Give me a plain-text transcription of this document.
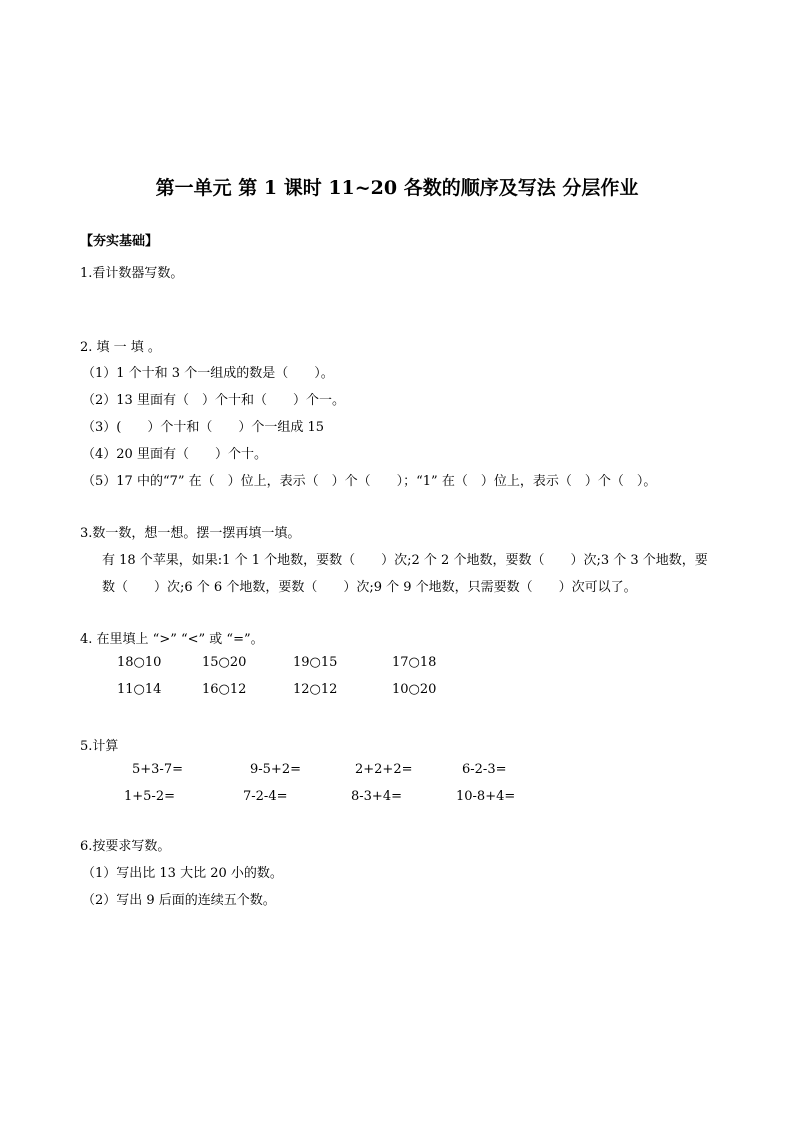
第一单元 第 1 课时 11~20 各数的顺序及写法 分层作业
【夯实基础】
1.看计数器写数。
2. 填 一 填 。
（1）1 个十和 3 个一组成的数是（　　）。
（2）13 里面有（　）个十和（　　）个一。
（3）(　　）个十和（　　）个一组成 15
（4）20 里面有（　　）个十。
（5）17 中的“7” 在（　）位上，表示（　）个（　　）；“1” 在（　）位上，表示（　）个（　）。
3.数一数，想一想。摆一摆再填一填。
有 18 个苹果，如果:1 个 1 个地数，要数（　　）次;2 个 2 个地数，要数（　　）次;3 个 3 个地数，要
数（　　）次;6 个 6 个地数，要数（　　）次;9 个 9 个地数，只需要数（　　）次可以了。
4. 在里填上 “>” “<” 或 “=”。
18○10	15○20	19○15	17○18
11○14	16○12	12○12	10○20
5.计算
5+3-7=	9-5+2=	2+2+2=	6-2-3=
1+5-2=	7-2-4=	8-3+4=	10-8+4=
6.按要求写数。
（1）写出比 13 大比 20 小的数。
（2）写出 9 后面的连续五个数。
